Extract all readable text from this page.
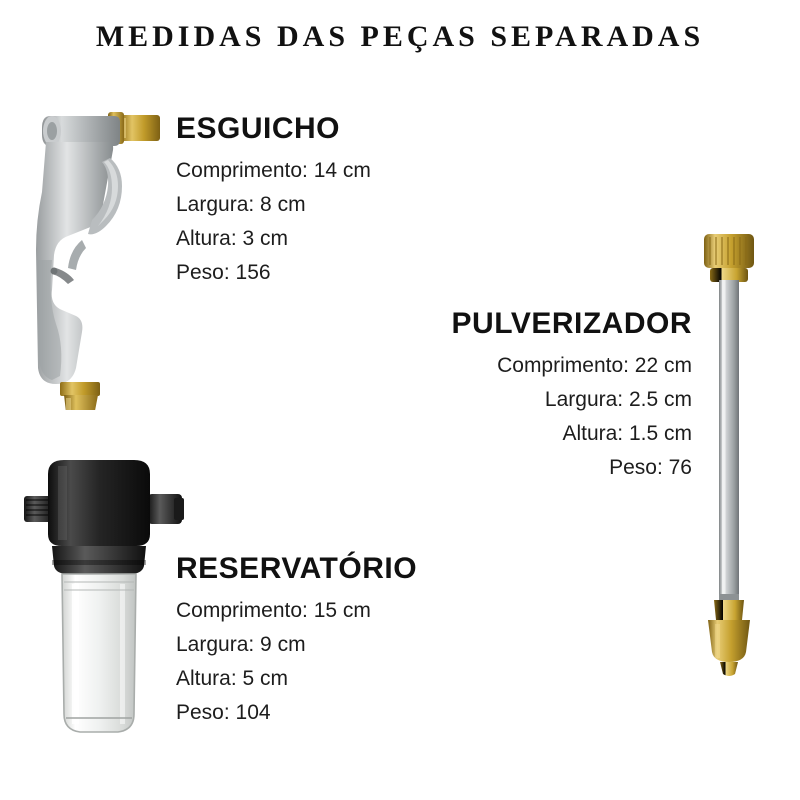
MEDIDAS DAS PEÇAS SEPARADAS
ESGUICHO
Comprimento: 14 cm
Largura: 8 cm
Altura: 3 cm
Peso: 156
PULVERIZADOR
Comprimento: 22 cm
Largura: 2.5 cm
Altura: 1.5 cm
Peso: 76
RESERVATÓRIO
Comprimento: 15 cm
Largura: 9 cm
Altura: 5 cm
Peso: 104
